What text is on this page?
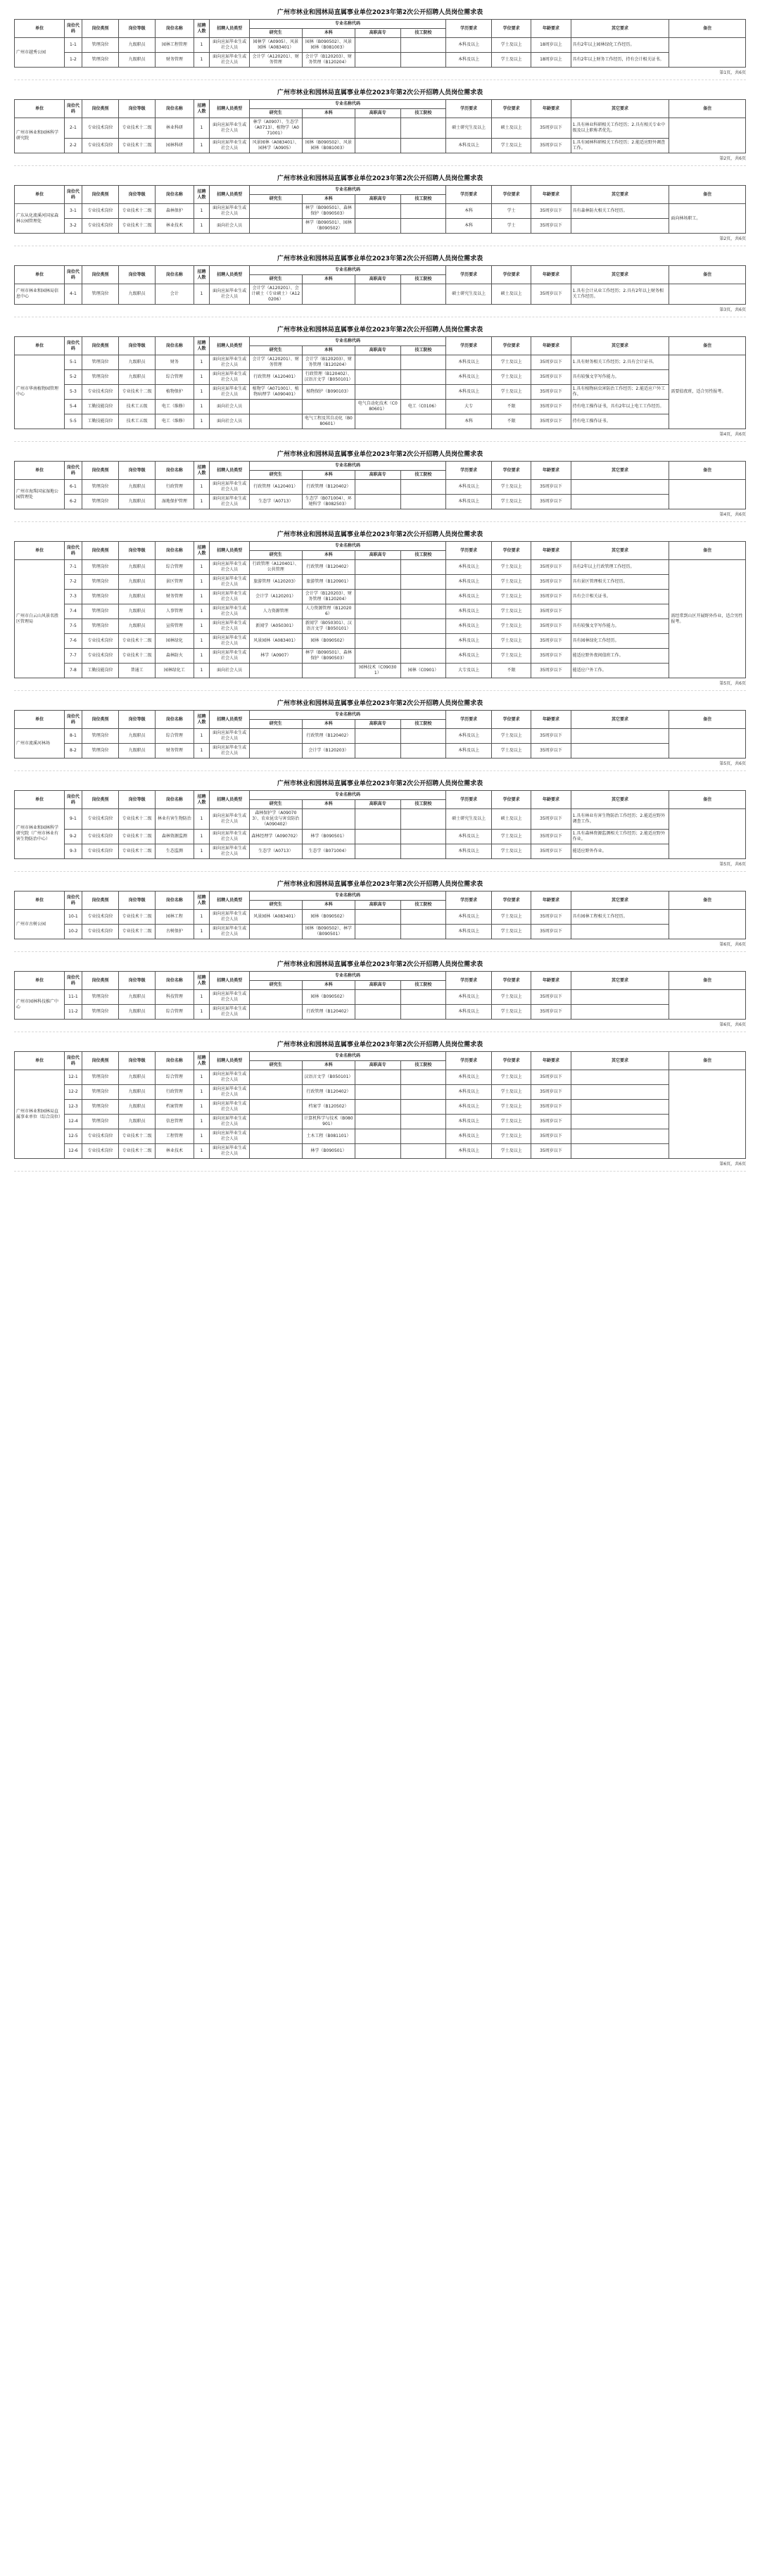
广州市林业和园林局直属事业单位2023年第2次公开招聘人员岗位需求表
单位	岗位代码	岗位类别	岗位等级	岗位名称	招聘人数	招聘人员类型	专业名称代码				学历要求	学位要求	年龄要求	其它要求	备注
							研究生	本科	高职高专	技工院校					
广州市越秀公园	1-1	管理岗位	九级职员	园林工程管理	1	面向应届毕业生或社会人员	园林学（A0905）、风景园林（A083401）	园林（B090502）、风景园林（B081003）			本科及以上	学士及以上	18周岁以上	具有2年以上园林绿化工作经历。	
	1-2	管理岗位	九级职员	财务管理	1	面向应届毕业生或社会人员	会计学（A120201）、财务管理	会计学（B120203）、财务管理（B120204）			本科及以上	学士及以上	18周岁以上	具有2年以上财务工作经历，持有会计相关证书。	
第1页，共6页
广州市林业和园林局直属事业单位2023年第2次公开招聘人员岗位需求表
单位	岗位代码	岗位类别	岗位等级	岗位名称	招聘人数	招聘人员类型	专业名称代码				学历要求	学位要求	年龄要求	其它要求	备注
							研究生	本科	高职高专	技工院校					
广州市林业和园林科学研究院	2-1	专业技术岗位	专业技术十二级	林业科研	1	面向应届毕业生或社会人员	林学（A0907）、生态学（A0713）、植物学（A071001）				硕士研究生及以上	硕士及以上	35周岁以下	1.具有林业科研相关工作经历；2.具有相关专业中级及以上职称者优先。	
	2-2	专业技术岗位	专业技术十二级	园林科研	1	面向应届毕业生或社会人员	风景园林（A083401）、园林学（A0905）	园林（B090502）、风景园林（B081003）			本科及以上	学士及以上	35周岁以下	1.具有园林科研相关工作经历；2.能适应野外调查工作。	
第2页，共6页
广州市林业和园林局直属事业单位2023年第2次公开招聘人员岗位需求表
单位	岗位代码	岗位类别	岗位等级	岗位名称	招聘人数	招聘人员类型	专业名称代码				学历要求	学位要求	年龄要求	其它要求	备注
							研究生	本科	高职高专	技工院校					
广东从化流溪河国家森林公园管理处	3-1	专业技术岗位	专业技术十二级	森林保护	1	面向应届毕业生或社会人员		林学（B090501）、森林保护（B090503）			本科	学士	35周岁以下	具有森林防火相关工作经历。	面向林场职工。
	3-2	专业技术岗位	专业技术十二级	林业技术	1	面向社会人员		林学（B090501）、园林（B090502）			本科	学士	35周岁以下		
第2页，共6页
广州市林业和园林局直属事业单位2023年第2次公开招聘人员岗位需求表
单位	岗位代码	岗位类别	岗位等级	岗位名称	招聘人数	招聘人员类型	专业名称代码				学历要求	学位要求	年龄要求	其它要求	备注
							研究生	本科	高职高专	技工院校					
广州市林业和园林局信息中心	4-1	管理岗位	九级职员	会计	1	面向应届毕业生或社会人员	会计学（A120201）、会计硕士（专业硕士）（A120206）				硕士研究生及以上	硕士及以上	35周岁以下	1.具有会计从业工作经历；2.具有2年以上财务相关工作经历。	
第3页，共6页
广州市林业和园林局直属事业单位2023年第2次公开招聘人员岗位需求表
单位	岗位代码	岗位类别	岗位等级	岗位名称	招聘人数	招聘人员类型	专业名称代码				学历要求	学位要求	年龄要求	其它要求	备注
							研究生	本科	高职高专	技工院校					
广州市华南植物园管理中心	5-1	管理岗位	九级职员	财务	1	面向应届毕业生或社会人员	会计学（A120201）、财务管理	会计学（B120203）、财务管理（B120204）			本科及以上	学士及以上	35周岁以下	1.具有财务相关工作经历；2.具有会计证书。	需要值夜班，适合男性报考。
	5-2	管理岗位	九级职员	综合管理	1	面向应届毕业生或社会人员	行政管理（A120401）	行政管理（B120402）、汉语言文学（B050101）			本科及以上	学士及以上	35周岁以下	具有较强文字写作能力。	
	5-3	专业技术岗位	专业技术十二级	植物保护	1	面向应届毕业生或社会人员	植物学（A071001）、植物病理学（A090401）	植物保护（B090103）			本科及以上	学士及以上	35周岁以下	1.具有植物病虫害防治工作经历；2.能适应户外工作。	
	5-4	工勤技能岗位	技术工五级	电工（维修）	1	面向社会人员			电气自动化技术（C080601）	电工（C0106）	大专	不限	35周岁以下	持有电工操作证书，具有2年以上电工工作经历。	
	5-5	工勤技能岗位	技术工五级	电工（维修）	1	面向社会人员		电气工程及其自动化（B080601）			本科	不限	35周岁以下	持有电工操作证书。	
第4页，共6页
广州市林业和园林局直属事业单位2023年第2次公开招聘人员岗位需求表
单位	岗位代码	岗位类别	岗位等级	岗位名称	招聘人数	招聘人员类型	专业名称代码				学历要求	学位要求	年龄要求	其它要求	备注
							研究生	本科	高职高专	技工院校					
广州市海珠国家湿地公园管理处	6-1	管理岗位	九级职员	行政管理	1	面向应届毕业生或社会人员	行政管理（A120401）	行政管理（B120402）			本科及以上	学士及以上	35周岁以下		
	6-2	管理岗位	九级职员	湿地保护管理	1	面向应届毕业生或社会人员	生态学（A0713）	生态学（B071004）、环境科学（B082503）			本科及以上	学士及以上	35周岁以下		
第4页，共6页
广州市林业和园林局直属事业单位2023年第2次公开招聘人员岗位需求表
单位	岗位代码	岗位类别	岗位等级	岗位名称	招聘人数	招聘人员类型	专业名称代码				学历要求	学位要求	年龄要求	其它要求	备注
							研究生	本科	高职高专	技工院校					
广州市白云山风景名胜区管理局	7-1	管理岗位	九级职员	综合管理	1	面向应届毕业生或社会人员	行政管理（A120401）、公共管理	行政管理（B120402）			本科及以上	学士及以上	35周岁以下	具有2年以上行政管理工作经历。	需经常到山区开展野外作业，适合男性报考。
	7-2	管理岗位	九级职员	景区管理	1	面向应届毕业生或社会人员	旅游管理（A120203）	旅游管理（B120901）			本科及以上	学士及以上	35周岁以下	具有景区管理相关工作经历。	
	7-3	管理岗位	九级职员	财务管理	1	面向应届毕业生或社会人员	会计学（A120201）	会计学（B120203）、财务管理（B120204）			本科及以上	学士及以上	35周岁以下	具有会计相关证书。	
	7-4	管理岗位	九级职员	人事管理	1	面向应届毕业生或社会人员	人力资源管理	人力资源管理（B120206）			本科及以上	学士及以上	35周岁以下		
	7-5	管理岗位	九级职员	宣传管理	1	面向应届毕业生或社会人员	新闻学（A050301）	新闻学（B050301）、汉语言文学（B050101）			本科及以上	学士及以上	35周岁以下	具有较强文字写作能力。	
	7-6	专业技术岗位	专业技术十二级	园林绿化	1	面向应届毕业生或社会人员	风景园林（A083401）	园林（B090502）			本科及以上	学士及以上	35周岁以下	具有园林绿化工作经历。	
	7-7	专业技术岗位	专业技术十二级	森林防火	1	面向应届毕业生或社会人员	林学（A0907）	林学（B090501）、森林保护（B090503）			本科及以上	学士及以上	35周岁以下	能适应野外夜间值班工作。	
	7-8	工勤技能岗位	普通工	园林绿化工	1	面向社会人员			园林技术（C090301）	园林（C0901）	大专及以上	不限	35周岁以下	能适应户外工作。	
第5页，共6页
广州市林业和园林局直属事业单位2023年第2次公开招聘人员岗位需求表
单位	岗位代码	岗位类别	岗位等级	岗位名称	招聘人数	招聘人员类型	专业名称代码				学历要求	学位要求	年龄要求	其它要求	备注
							研究生	本科	高职高专	技工院校					
广州市流溪河林场	8-1	管理岗位	九级职员	综合管理	1	面向应届毕业生或社会人员		行政管理（B120402）			本科及以上	学士及以上	35周岁以下		
	8-2	管理岗位	九级职员	财务管理	1	面向应届毕业生或社会人员		会计学（B120203）			本科及以上	学士及以上	35周岁以下		
第5页，共6页
广州市林业和园林局直属事业单位2023年第2次公开招聘人员岗位需求表
单位	岗位代码	岗位类别	岗位等级	岗位名称	招聘人数	招聘人员类型	专业名称代码				学历要求	学位要求	年龄要求	其它要求	备注
							研究生	本科	高职高专	技工院校					
广州市林业和园林科学研究院（广州市林业有害生物防治中心）	9-1	专业技术岗位	专业技术十二级	林业有害生物防治	1	面向应届毕业生或社会人员	森林保护学（A090703）、农业昆虫与害虫防治（A090402）				硕士研究生及以上	硕士及以上	35周岁以下	1.具有林业有害生物防治工作经历；2.能适应野外调查工作。	
	9-2	专业技术岗位	专业技术十二级	森林资源监测	1	面向应届毕业生或社会人员	森林经理学（A090702）	林学（B090501）			本科及以上	学士及以上	35周岁以下	1.具有森林资源监测相关工作经历；2.能适应野外作业。	
	9-3	专业技术岗位	专业技术十二级	生态监测	1	面向应届毕业生或社会人员	生态学（A0713）	生态学（B071004）			本科及以上	学士及以上	35周岁以下	能适应野外作业。	
第5页，共6页
广州市林业和园林局直属事业单位2023年第2次公开招聘人员岗位需求表
单位	岗位代码	岗位类别	岗位等级	岗位名称	招聘人数	招聘人员类型	专业名称代码				学历要求	学位要求	年龄要求	其它要求	备注
							研究生	本科	高职高专	技工院校					
广州市古树公园	10-1	专业技术岗位	专业技术十二级	园林工程	1	面向应届毕业生或社会人员	风景园林（A083401）	园林（B090502）			本科及以上	学士及以上	35周岁以下	具有园林工程相关工作经历。	
	10-2	专业技术岗位	专业技术十二级	古树保护	1	面向应届毕业生或社会人员		园林（B090502）、林学（B090501）			本科及以上	学士及以上	35周岁以下		
第6页，共6页
广州市林业和园林局直属事业单位2023年第2次公开招聘人员岗位需求表
单位	岗位代码	岗位类别	岗位等级	岗位名称	招聘人数	招聘人员类型	专业名称代码				学历要求	学位要求	年龄要求	其它要求	备注
							研究生	本科	高职高专	技工院校					
广州市园林科技推广中心	11-1	管理岗位	九级职员	科技管理	1	面向应届毕业生或社会人员		园林（B090502）			本科及以上	学士及以上	35周岁以下		
	11-2	管理岗位	九级职员	综合管理	1	面向应届毕业生或社会人员		行政管理（B120402）			本科及以上	学士及以上	35周岁以下		
第6页，共6页
广州市林业和园林局直属事业单位2023年第2次公开招聘人员岗位需求表
单位	岗位代码	岗位类别	岗位等级	岗位名称	招聘人数	招聘人员类型	专业名称代码				学历要求	学位要求	年龄要求	其它要求	备注
							研究生	本科	高职高专	技工院校					
广州市林业和园林局直属事业单位（综合岗位）	12-1	管理岗位	九级职员	综合管理	1	面向应届毕业生或社会人员		汉语言文学（B050101）			本科及以上	学士及以上	35周岁以下		
	12-2	管理岗位	九级职员	行政管理	1	面向应届毕业生或社会人员		行政管理（B120402）			本科及以上	学士及以上	35周岁以下		
	12-3	管理岗位	九级职员	档案管理	1	面向应届毕业生或社会人员		档案学（B120502）			本科及以上	学士及以上	35周岁以下		
	12-4	管理岗位	九级职员	信息管理	1	面向应届毕业生或社会人员		计算机科学与技术（B080901）			本科及以上	学士及以上	35周岁以下		
	12-5	专业技术岗位	专业技术十二级	工程管理	1	面向应届毕业生或社会人员		土木工程（B081101）			本科及以上	学士及以上	35周岁以下		
	12-6	专业技术岗位	专业技术十二级	林业技术	1	面向应届毕业生或社会人员		林学（B090501）			本科及以上	学士及以上	35周岁以下		
第6页，共6页
